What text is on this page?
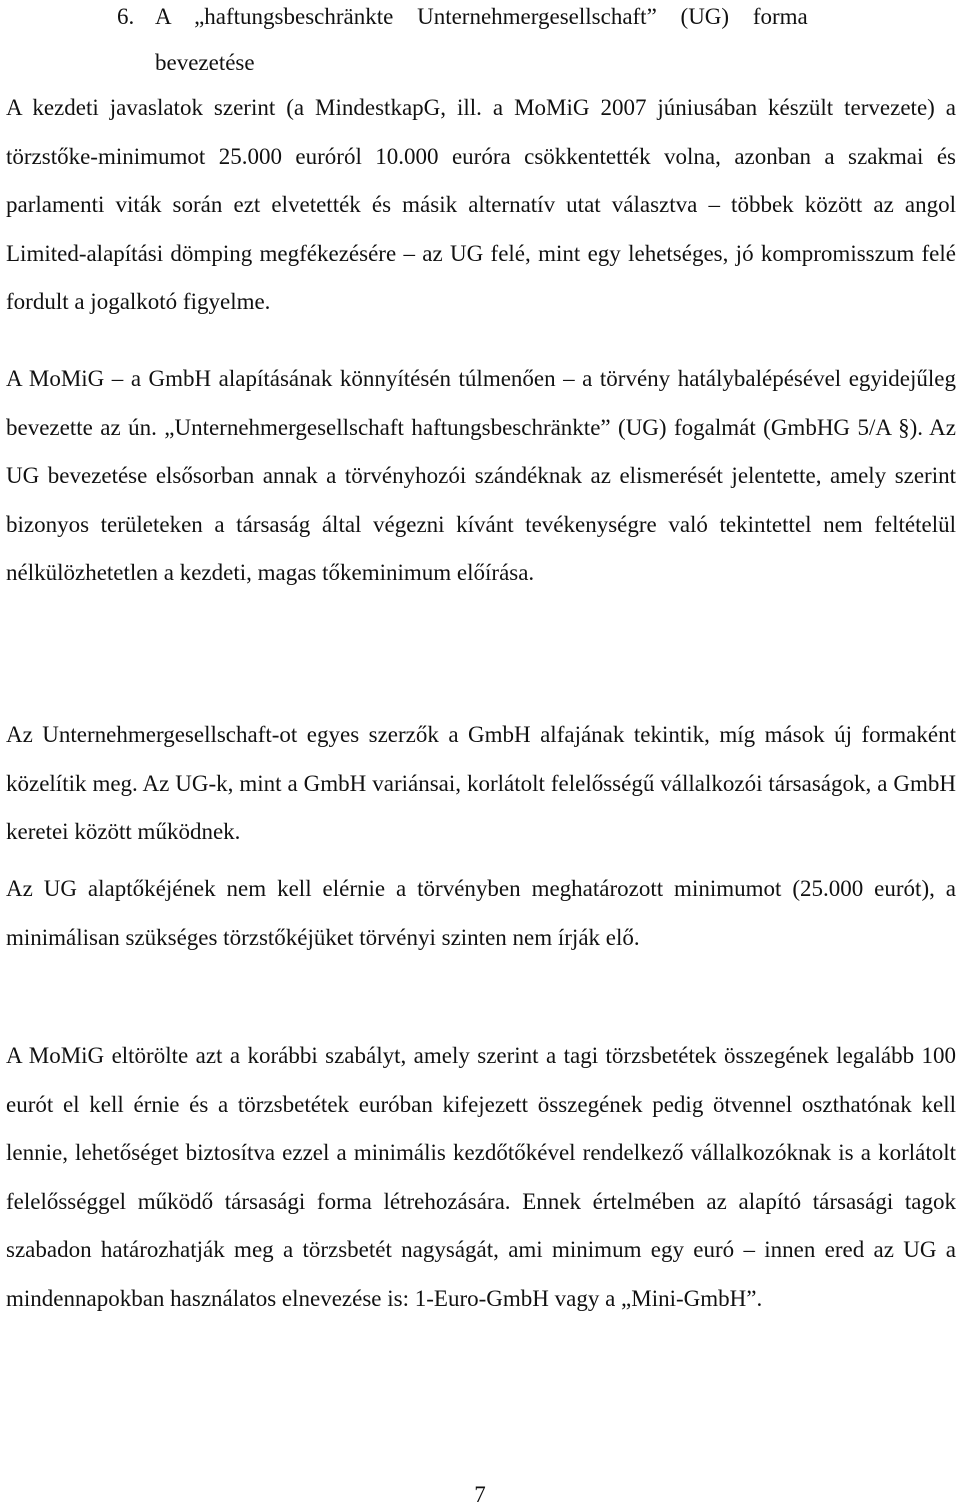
6. A „haftungsbeschränkte Unternehmergesellschaft” (UG) forma
bevezetése

A kezdeti javaslatok szerint (a MindestkapG, ill. a MoMiG 2007 júniusában készült tervezete) a törzstőke-minimumot 25.000 euróról 10.000 euróra csökkentették volna, azonban a szakmai és parlamenti viták során ezt elvetették és másik alternatív utat választva – többek között az angol Limited-alapítási dömping megfékezésére – az UG felé, mint egy lehetséges, jó kompromisszum felé fordult a jogalkotó figyelme.

A MoMiG – a GmbH alapításának könnyítésén túlmenően – a törvény hatálybalépésével egyidejűleg bevezette az ún. „Unternehmergesellschaft haftungsbeschränkte” (UG) fogalmát (GmbHG 5/A §). Az UG bevezetése elsősorban annak a törvényhozói szándéknak az elismerését jelentette, amely szerint bizonyos területeken a társaság által végezni kívánt tevékenységre való tekintettel nem feltételül nélkülözhetetlen a kezdeti, magas tőkeminimum előírása.

Az Unternehmergesellschaft-ot egyes szerzők a GmbH alfajának tekintik, míg mások új formaként közelítik meg. Az UG-k, mint a GmbH variánsai, korlátolt felelősségű vállalkozói társaságok, a GmbH keretei között működnek.

Az UG alaptőkéjének nem kell elérnie a törvényben meghatározott minimumot (25.000 eurót), a minimálisan szükséges törzstőkéjüket törvényi szinten nem írják elő.

A MoMiG eltörölte azt a korábbi szabályt, amely szerint a tagi törzsbetétek összegének legalább 100 eurót el kell érnie és a törzsbetétek euróban kifejezett összegének pedig ötvennel oszthatónak kell lennie, lehetőséget biztosítva ezzel a minimális kezdőtőkével rendelkező vállalkozóknak is a korlátolt felelősséggel működő társasági forma létrehozására. Ennek értelmében az alapító társasági tagok szabadon határozhatják meg a törzsbetét nagyságát, ami minimum egy euró – innen ered az UG a mindennapokban használatos elnevezése is: 1-Euro-GmbH vagy a „Mini-GmbH”.

7
